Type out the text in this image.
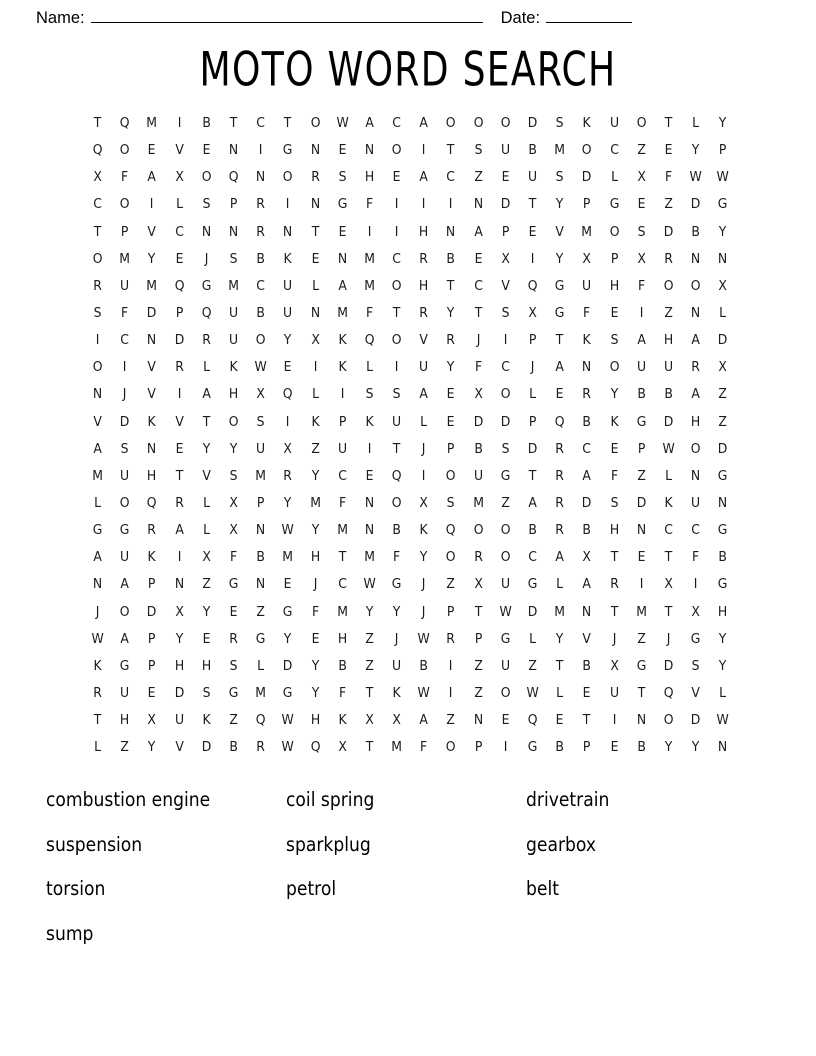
Name:	Date:
MOTO WORD SEARCH
T	Q	M	I	B	T	C	T	O	W	A	C	A	O	O	O	D	S	K	U	O	T	L	Y
Q	O	E	V	E	N	I	G	N	E	N	O	I	T	S	U	B	M	O	C	Z	E	Y	P
X	F	A	X	O	Q	N	O	R	S	H	E	A	C	Z	E	U	S	D	L	X	F	W	W
C	O	I	L	S	P	R	I	N	G	F	I	I	I	N	D	T	Y	P	G	E	Z	D	G
T	P	V	C	N	N	R	N	T	E	I	I	H	N	A	P	E	V	M	O	S	D	B	Y
O	M	Y	E	J	S	B	K	E	N	M	C	R	B	E	X	I	Y	X	P	X	R	N	N
R	U	M	Q	G	M	C	U	L	A	M	O	H	T	C	V	Q	G	U	H	F	O	O	X
S	F	D	P	Q	U	B	U	N	M	F	T	R	Y	T	S	X	G	F	E	I	Z	N	L
I	C	N	D	R	U	O	Y	X	K	Q	O	V	R	J	I	P	T	K	S	A	H	A	D
O	I	V	R	L	K	W	E	I	K	L	I	U	Y	F	C	J	A	N	O	U	U	R	X
N	J	V	I	A	H	X	Q	L	I	S	S	A	E	X	O	L	E	R	Y	B	B	A	Z
V	D	K	V	T	O	S	I	K	P	K	U	L	E	D	D	P	Q	B	K	G	D	H	Z
A	S	N	E	Y	Y	U	X	Z	U	I	T	J	P	B	S	D	R	C	E	P	W	O	D
M	U	H	T	V	S	M	R	Y	C	E	Q	I	O	U	G	T	R	A	F	Z	L	N	G
L	O	Q	R	L	X	P	Y	M	F	N	O	X	S	M	Z	A	R	D	S	D	K	U	N
G	G	R	A	L	X	N	W	Y	M	N	B	K	Q	O	O	B	R	B	H	N	C	C	G
A	U	K	I	X	F	B	M	H	T	M	F	Y	O	R	O	C	A	X	T	E	T	F	B
N	A	P	N	Z	G	N	E	J	C	W	G	J	Z	X	U	G	L	A	R	I	X	I	G
J	O	D	X	Y	E	Z	G	F	M	Y	Y	J	P	T	W	D	M	N	T	M	T	X	H
W	A	P	Y	E	R	G	Y	E	H	Z	J	W	R	P	G	L	Y	V	J	Z	J	G	Y
K	G	P	H	H	S	L	D	Y	B	Z	U	B	I	Z	U	Z	T	B	X	G	D	S	Y
R	U	E	D	S	G	M	G	Y	F	T	K	W	I	Z	O	W	L	E	U	T	Q	V	L
T	H	X	U	K	Z	Q	W	H	K	X	X	A	Z	N	E	Q	E	T	I	N	O	D	W
L	Z	Y	V	D	B	R	W	Q	X	T	M	F	O	P	I	G	B	P	E	B	Y	Y	N
combustion engine	coil spring	drivetrain
suspension	sparkplug	gearbox
torsion	petrol	belt
sump
